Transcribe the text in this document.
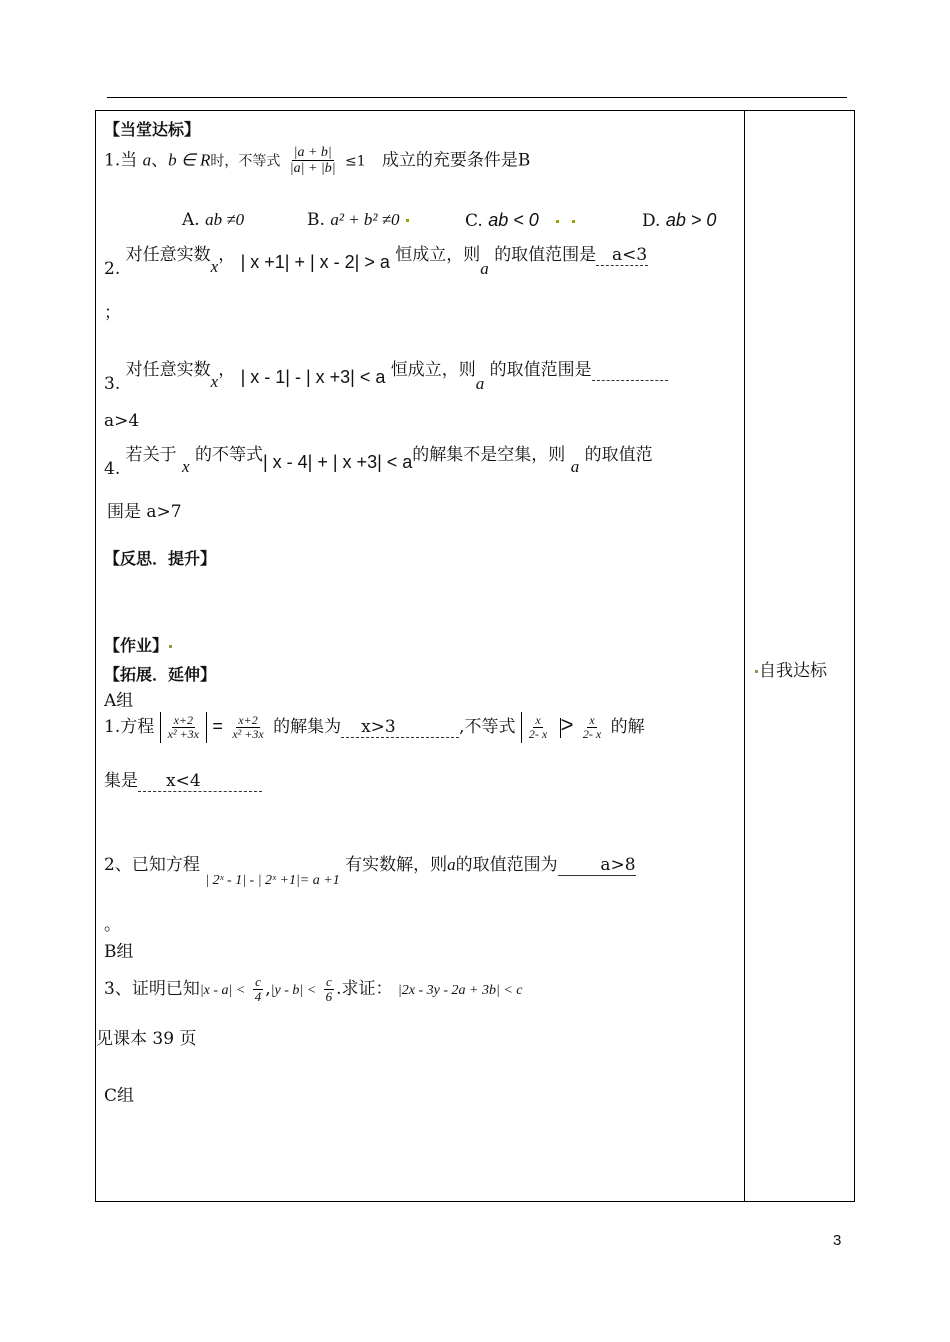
【当堂达标】
1.当 a、b ∈ R时，不等式 $\frac{|a + b|}{|a| + |b|} \le 1$ 成立的充要条件是B
A. ab ≠0	B. a² + b² ≠0	C. ab < 0	D. ab > 0
2. 对任意实数x， | x +1| + | x - 2| > a 恒成立，则a 的取值范围是 a<3
；
3. 对任意实数x， | x - 1| - | x +3| < a 恒成立，则a 的取值范围是
a>4
4. 若关于 x 的不等式| x - 4| + | x +3| < a的解集不是空集，则 a 的取值范
围是 a>7
【反思．提升】
【作业】
【拓展．延伸】
A组
1.方程 $\frac{x+2}{\text{x² +3x}} = \frac{x+2}{\text{x² +3x}}$ 的解集为 x>3	,不等式 $\frac{x}{2- x} > \frac{x}{2- x}$ 的解
集是 x<4
2、已知方程 $_{| 2ˣ - 1| - | 2ˣ +1|= a +1}$ 有实数解，则a的取值范围为	a>8
。
B组
3、证明已知$|x - a| < \frac{c}{4} ,|y - b| < \frac{c}{6}$ .求证： |2x - 3y - 2a + 3b| < c
见课本 39 页
C组
自我达标
3
